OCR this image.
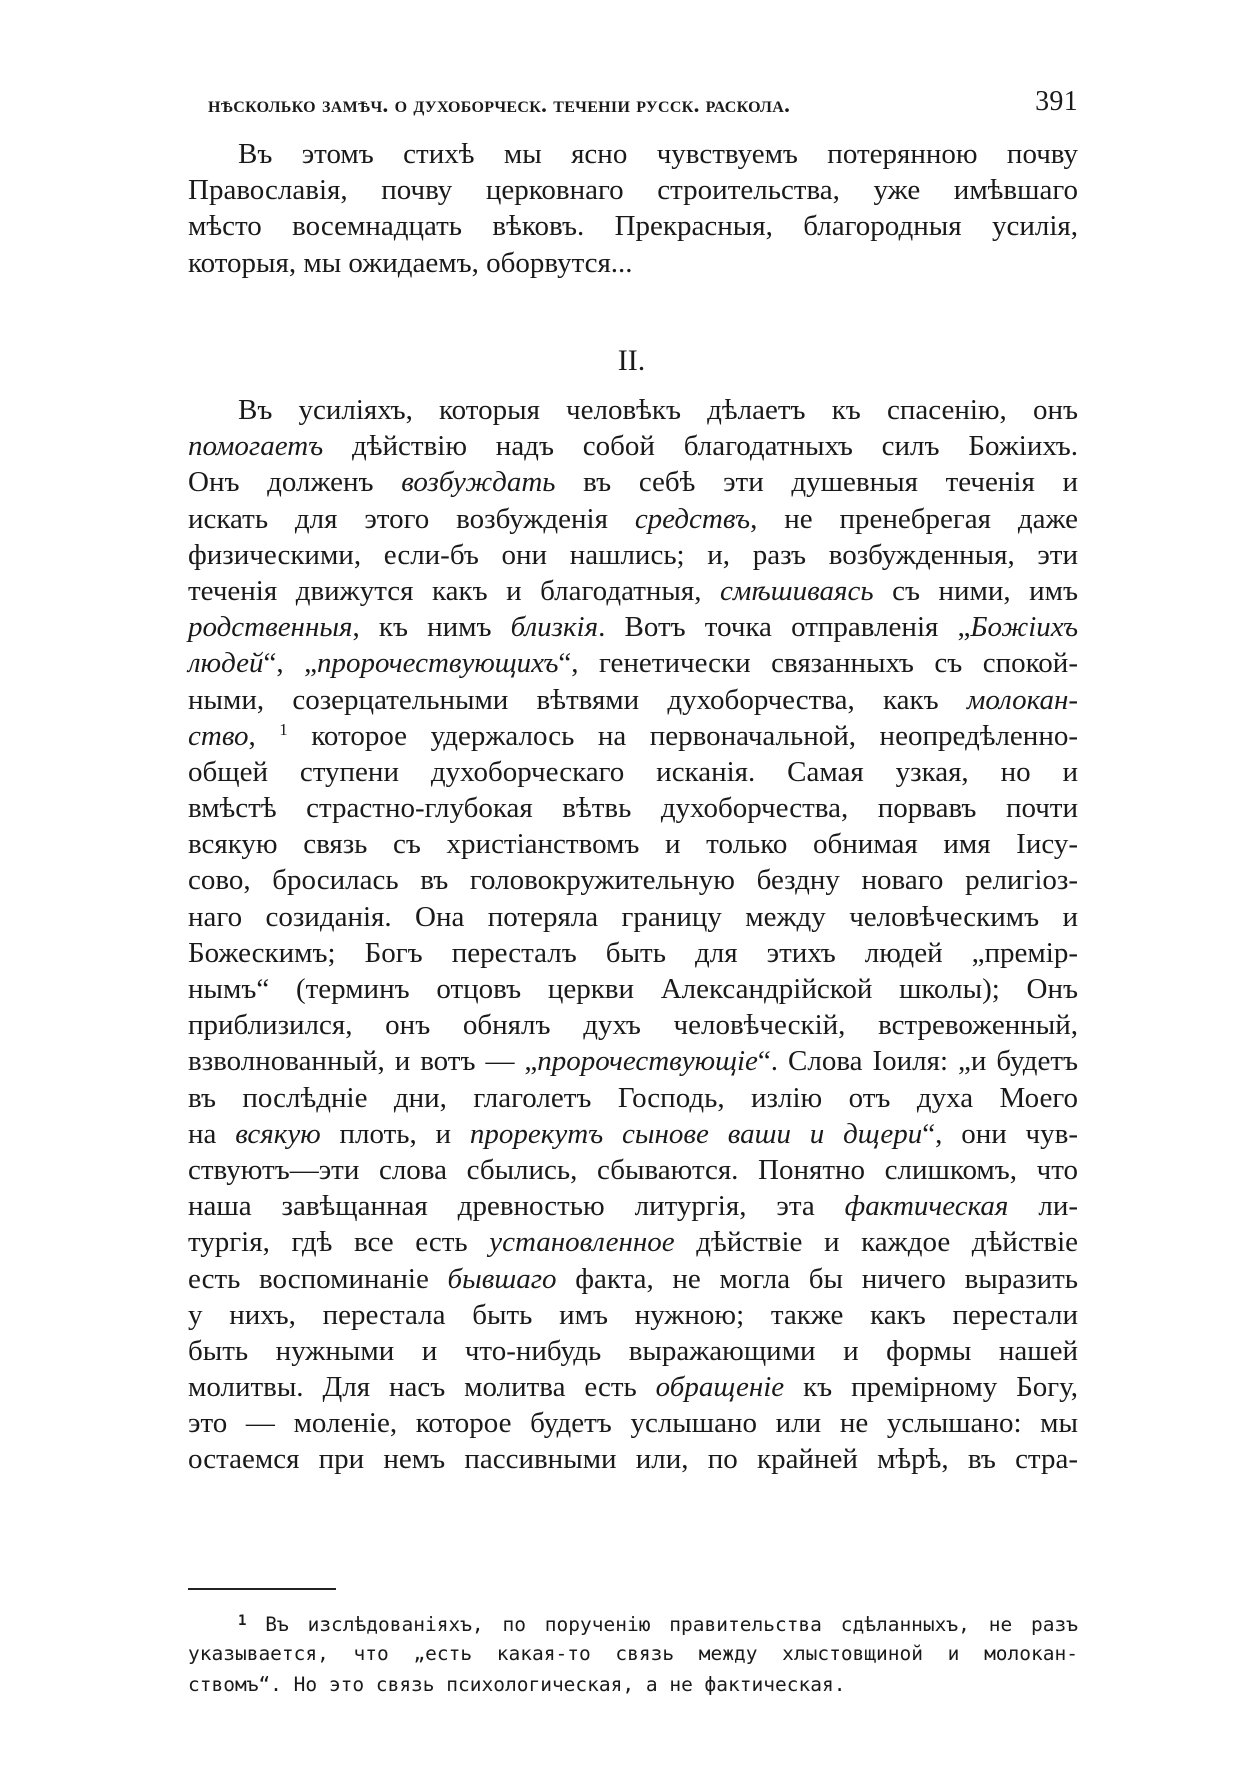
нѣсколько замѣч. о духоборческ. теченіи русск. раскола.	391
Въ этомъ стихѣ мы ясно чувствуемъ потерянною почву
Православія, почву церковнаго строительства, уже имѣвшаго
мѣсто восемнадцать вѣковъ. Прекрасныя, благородныя усилія,
которыя, мы ожидаемъ, оборвутся...
II.
Въ усиліяхъ, которыя человѣкъ дѣлаетъ къ спасенію, онъ
помогаетъ дѣйствію надъ собой благодатныхъ силъ Божіихъ.
Онъ долженъ возбуждать въ себѣ эти душевныя теченія и
искать для этого возбужденія средствъ, не пренебрегая даже
физическими, если-бъ они нашлись; и, разъ возбужденныя, эти
теченія движутся какъ и благодатныя, смѣшиваясь съ ними, имъ
родственныя, къ нимъ близкія. Вотъ точка отправленія „Божіихъ
людей“, „пророчествующихъ“, генетически связанныхъ съ спокой-
ными, созерцательными вѣтвями духоборчества, какъ молокан-
ство, $^1$ которое удержалось на первоначальной, неопредѣленно-
общей ступени духоборческаго исканія. Самая узкая, но и
вмѣстѣ страстно-глубокая вѣтвь духоборчества, порвавъ почти
всякую связь съ христіанствомъ и только обнимая имя Іису-
сово, бросилась въ головокружительную бездну новаго религіоз-
наго созиданія. Она потеряла границу между человѣческимъ и
Божескимъ; Богъ пересталъ быть для этихъ людей „премір-
нымъ“ (терминъ отцовъ церкви Александрійской школы); Онъ
приблизился, онъ обнялъ духъ человѣческій, встревоженный,
взволнованный, и вотъ — „пророчествующіе“. Слова Іоиля: „и будетъ
въ послѣдніе дни, глаголетъ Господь, излію отъ духа Моего
на всякую плоть, и прорекутъ сынове ваши и дщери“, они чув-
ствуютъ—эти слова сбылись, сбываются. Понятно слишкомъ, что
наша завѣщанная древностью литургія, эта фактическая ли-
тургія, гдѣ все есть установленное дѣйствіе и каждое дѣйствіе
есть воспоминаніе бывшаго факта, не могла бы ничего выразить
у нихъ, перестала быть имъ нужною; также какъ перестали
быть нужными и что-нибудь выражающими и формы нашей
молитвы. Для насъ молитва есть обращеніе къ премірному Богу,
это — моленіе, которое будетъ услышано или не услышано: мы
остаемся при немъ пассивными или, по крайней мѣрѣ, въ стра-
$^1$ Въ изслѣдованіяхъ, по порученію правительства сдѣланныхъ, не разъ
указывается, что „есть какая-то связь между хлыстовщиной и молокан-
ствомъ“. Но это связь психологическая, а не фактическая.
